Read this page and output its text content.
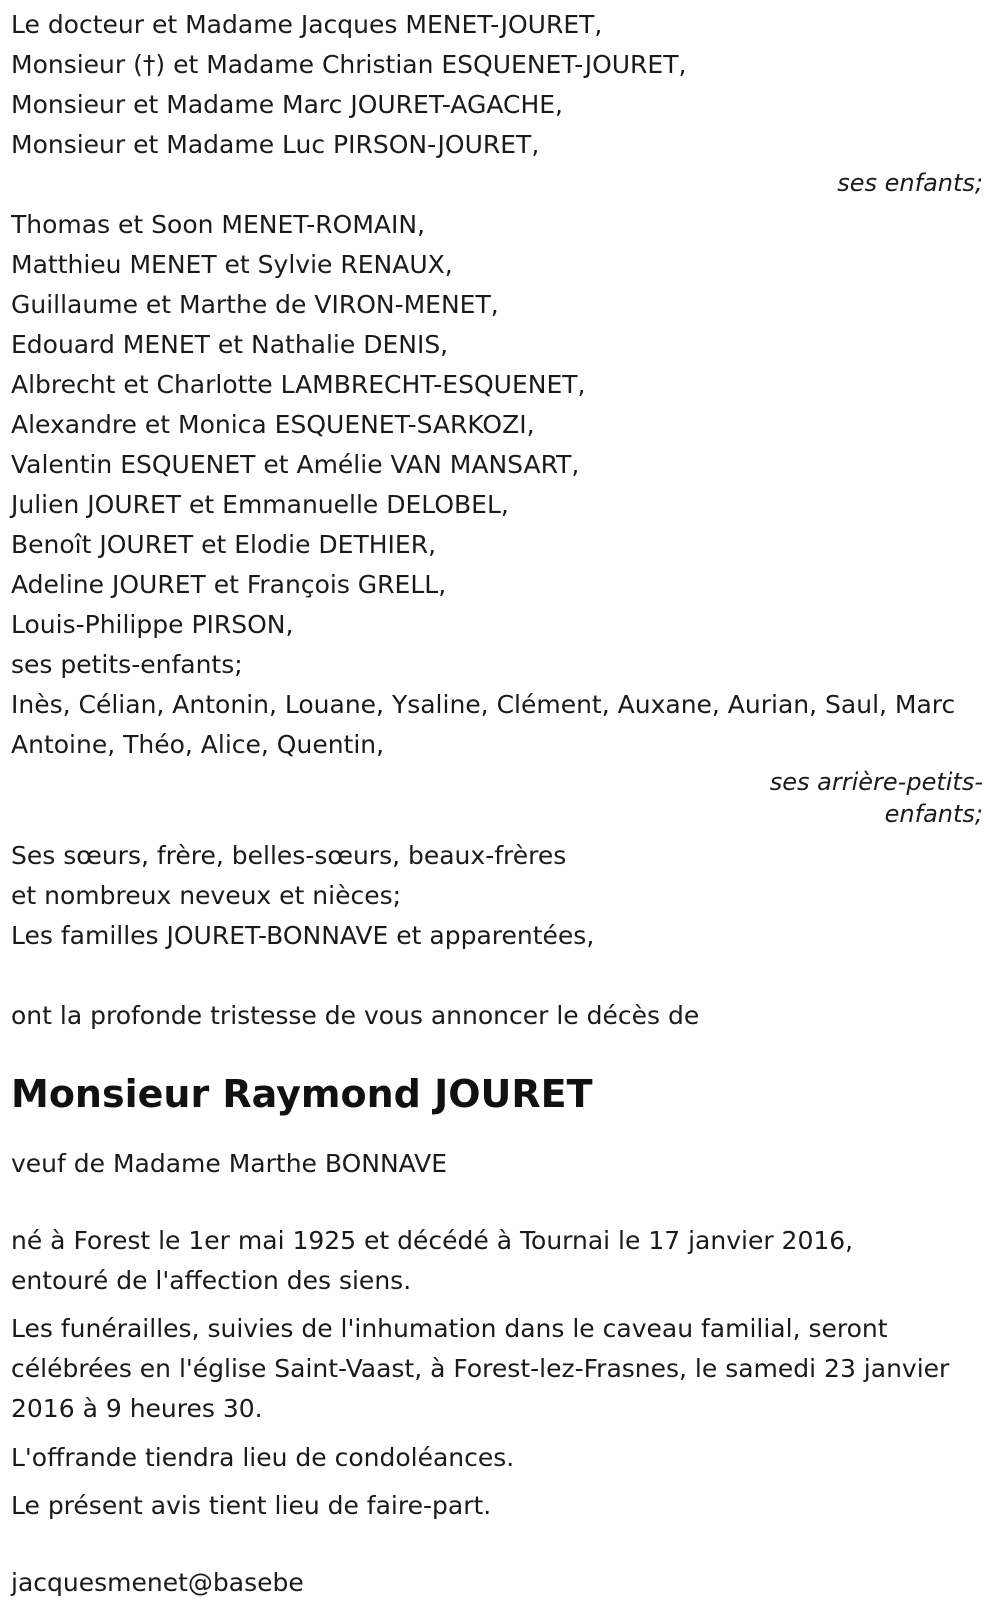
Le docteur et Madame Jacques MENET-JOURET,
Monsieur (†) et Madame Christian ESQUENET-JOURET,
Monsieur et Madame Marc JOURET-AGACHE,
Monsieur et Madame Luc PIRSON-JOURET,
ses enfants;
Thomas et Soon MENET-ROMAIN,
Matthieu MENET et Sylvie RENAUX,
Guillaume et Marthe de VIRON-MENET,
Edouard MENET et Nathalie DENIS,
Albrecht et Charlotte LAMBRECHT-ESQUENET,
Alexandre et Monica ESQUENET-SARKOZI,
Valentin ESQUENET et Amélie VAN MANSART,
Julien JOURET et Emmanuelle DELOBEL,
Benoît JOURET et Elodie DETHIER,
Adeline JOURET et François GRELL,
Louis-Philippe PIRSON,
ses petits-enfants;
Inès, Célian, Antonin, Louane, Ysaline, Clément, Auxane, Aurian, Saul, Marc Antoine, Théo, Alice, Quentin,
ses arrière-petits-
enfants;
Ses sœurs, frère, belles-sœurs, beaux-frères
et nombreux neveux et nièces;
Les familles JOURET-BONNAVE et apparentées,
ont la profonde tristesse de vous annoncer le décès de
Monsieur Raymond JOURET
veuf de Madame Marthe BONNAVE
né à Forest le 1er mai 1925 et décédé à Tournai le 17 janvier 2016,
entouré de l'affection des siens.
Les funérailles, suivies de l'inhumation dans le caveau familial, seront célébrées en l'église Saint-Vaast, à Forest-lez-Frasnes, le samedi 23 janvier 2016 à 9 heures 30.
L'offrande tiendra lieu de condoléances.
Le présent avis tient lieu de faire-part.
jacquesmenet@basebe
